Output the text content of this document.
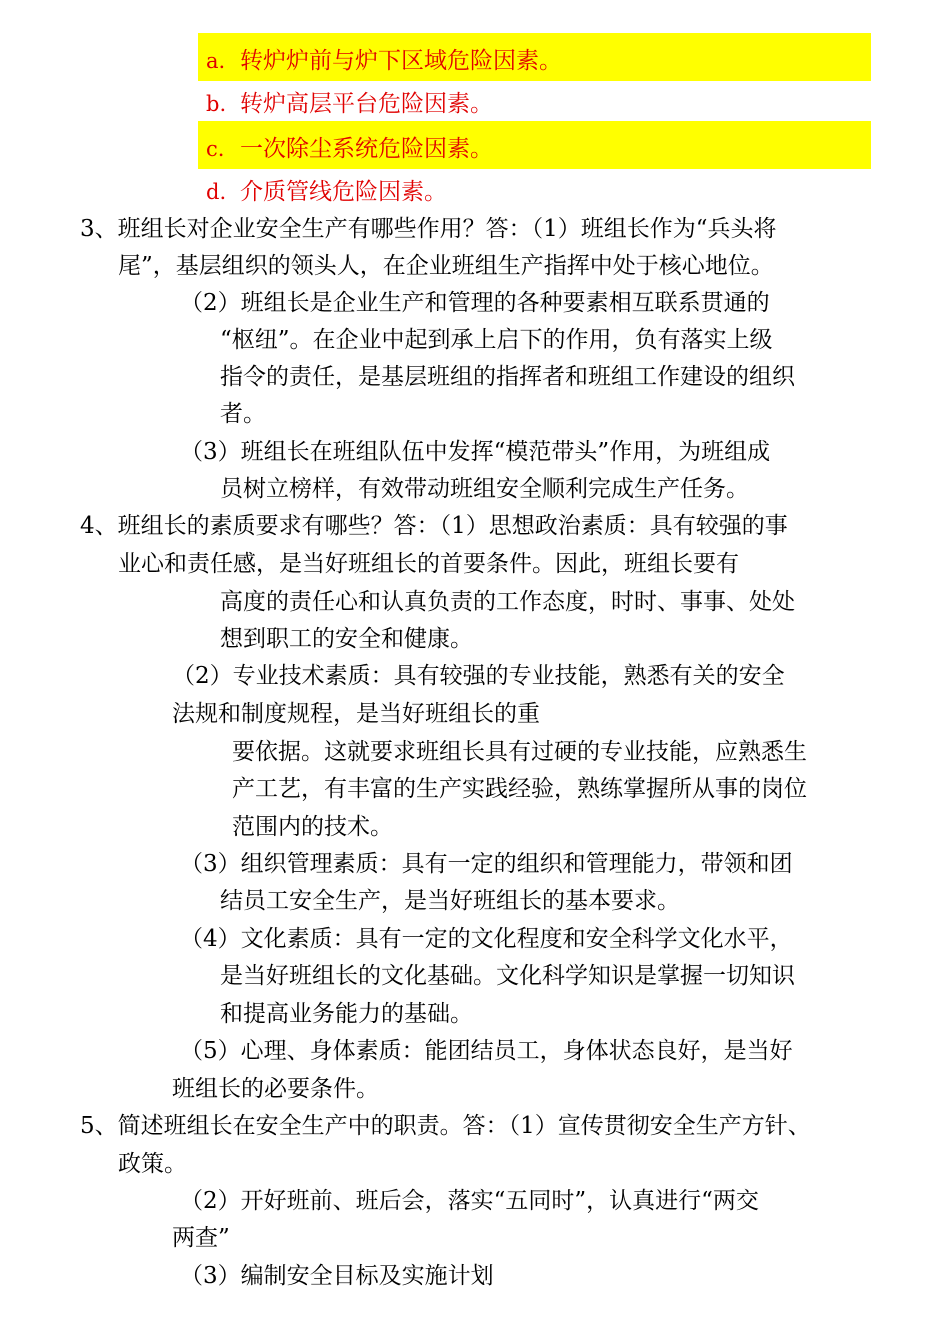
a. 转炉炉前与炉下区域危险因素。
b. 转炉高层平台危险因素。
c. 一次除尘系统危险因素。
d. 介质管线危险因素。
3、班组长对企业安全生产有哪些作用？答：（1）班组长作为“兵头将
尾”，基层组织的领头人，在企业班组生产指挥中处于核心地位。
（2）班组长是企业生产和管理的各种要素相互联系贯通的
“枢纽”。在企业中起到承上启下的作用，负有落实上级
指令的责任，是基层班组的指挥者和班组工作建设的组织
者。
（3）班组长在班组队伍中发挥“模范带头”作用，为班组成
员树立榜样，有效带动班组安全顺利完成生产任务。
4、班组长的素质要求有哪些？答：（1）思想政治素质：具有较强的事
业心和责任感，是当好班组长的首要条件。因此，班组长要有
高度的责任心和认真负责的工作态度，时时、事事、处处
想到职工的安全和健康。
（2）专业技术素质：具有较强的专业技能，熟悉有关的安全
法规和制度规程，是当好班组长的重
要依据。这就要求班组长具有过硬的专业技能，应熟悉生
产工艺，有丰富的生产实践经验，熟练掌握所从事的岗位
范围内的技术。
（3）组织管理素质：具有一定的组织和管理能力，带领和团
结员工安全生产，是当好班组长的基本要求。
（4）文化素质：具有一定的文化程度和安全科学文化水平，
是当好班组长的文化基础。文化科学知识是掌握一切知识
和提高业务能力的基础。
（5）心理、身体素质：能团结员工，身体状态良好，是当好
班组长的必要条件。
5、简述班组长在安全生产中的职责。答：（1）宣传贯彻安全生产方针、
政策。
（2）开好班前、班后会，落实“五同时”，认真进行“两交
两查”
（3）编制安全目标及实施计划
